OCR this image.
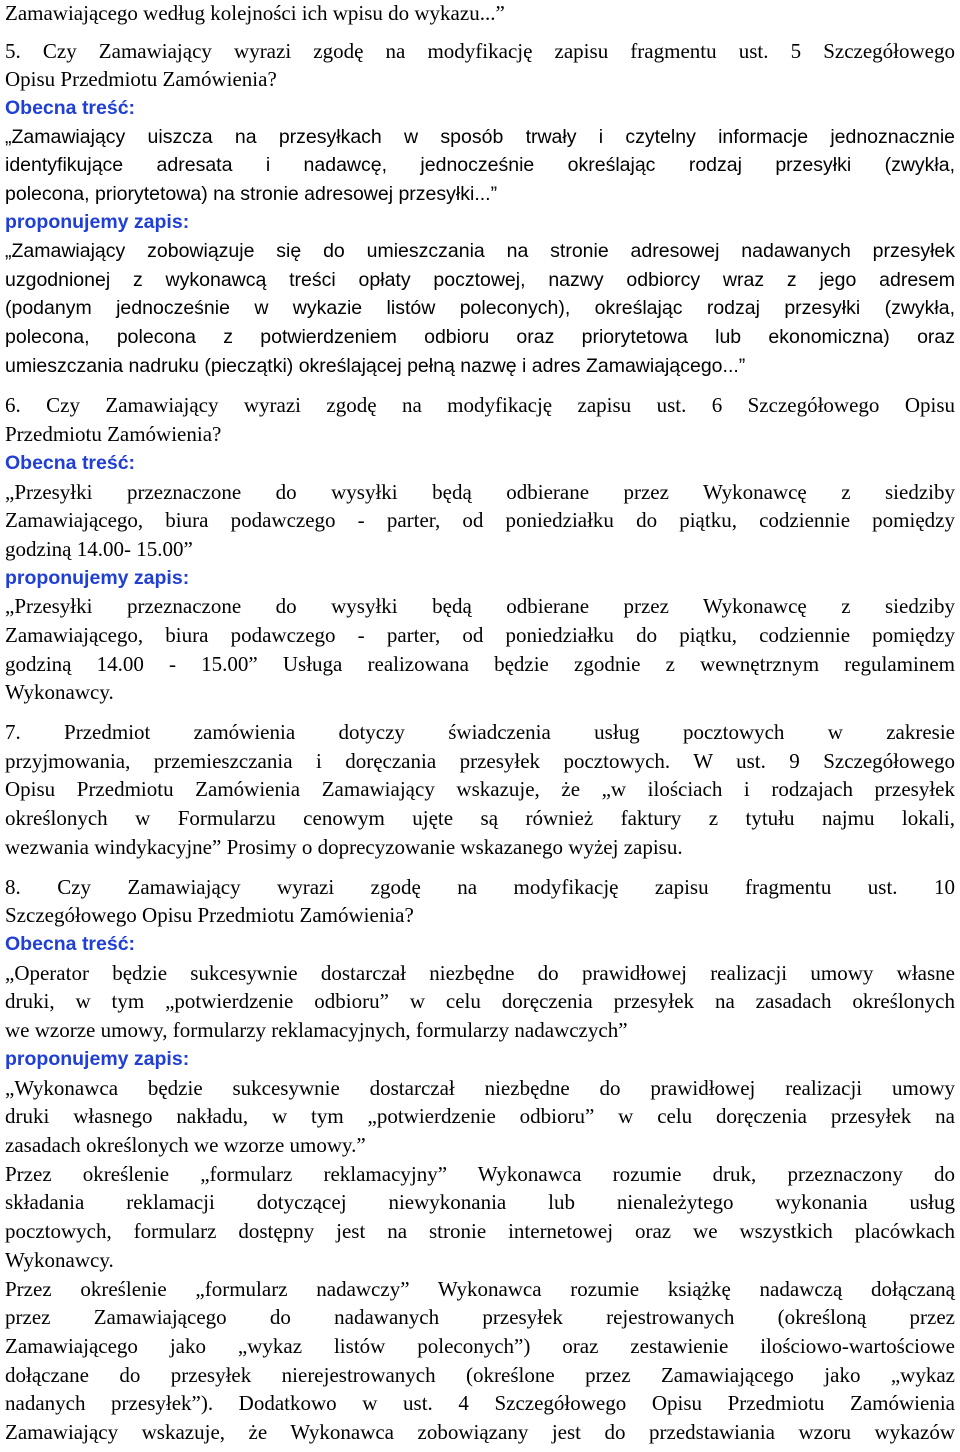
Zamawiającego według kolejności ich wpisu do wykazu...”

5. Czy Zamawiający wyrazi zgodę na modyfikację zapisu fragmentu ust. 5 Szczegółowego

Opisu Przedmiotu Zamówienia?

Obecna treść:

„Zamawiający uiszcza na przesyłkach w sposób trwały i czytelny informacje jednoznacznie

identyfikujące adresata i nadawcę, jednocześnie określając rodzaj przesyłki (zwykła,

polecona, priorytetowa) na stronie adresowej przesyłki...”

proponujemy zapis:

„Zamawiający zobowiązuje się do umieszczania na stronie adresowej nadawanych przesyłek

uzgodnionej z wykonawcą treści opłaty pocztowej, nazwy odbiorcy wraz z jego adresem

(podanym jednocześnie w wykazie listów poleconych), określając rodzaj przesyłki (zwykła,

polecona, polecona z potwierdzeniem odbioru oraz priorytetowa lub ekonomiczna) oraz

umieszczania nadruku (pieczątki) określającej pełną nazwę i adres Zamawiającego...”

6. Czy Zamawiający wyrazi zgodę na modyfikację zapisu ust. 6 Szczegółowego Opisu

Przedmiotu Zamówienia?

Obecna treść:

„Przesyłki przeznaczone do wysyłki będą odbierane przez Wykonawcę z siedziby

Zamawiającego, biura podawczego - parter, od poniedziałku do piątku, codziennie pomiędzy

godziną 14.00- 15.00”

proponujemy zapis:

„Przesyłki przeznaczone do wysyłki będą odbierane przez Wykonawcę z siedziby

Zamawiającego, biura podawczego - parter, od poniedziałku do piątku, codziennie pomiędzy

godziną 14.00 - 15.00” Usługa realizowana będzie zgodnie z wewnętrznym regulaminem

Wykonawcy.

7. Przedmiot zamówienia dotyczy świadczenia usług pocztowych w zakresie

przyjmowania, przemieszczania i doręczania przesyłek pocztowych. W ust. 9 Szczegółowego

Opisu Przedmiotu Zamówienia Zamawiający wskazuje, że „w ilościach i rodzajach przesyłek

określonych w Formularzu cenowym ujęte są również faktury z tytułu najmu lokali,

wezwania windykacyjne” Prosimy o doprecyzowanie wskazanego wyżej zapisu.

8. Czy Zamawiający wyrazi zgodę na modyfikację zapisu fragmentu ust. 10

Szczegółowego Opisu Przedmiotu Zamówienia?

Obecna treść:

„Operator będzie sukcesywnie dostarczał niezbędne do prawidłowej realizacji umowy własne

druki, w tym „potwierdzenie odbioru” w celu doręczenia przesyłek na zasadach określonych

we wzorze umowy, formularzy reklamacyjnych, formularzy nadawczych”

proponujemy zapis:

„Wykonawca będzie sukcesywnie dostarczał niezbędne do prawidłowej realizacji umowy

druki własnego nakładu, w tym „potwierdzenie odbioru” w celu doręczenia przesyłek na

zasadach określonych we wzorze umowy.”

Przez określenie „formularz reklamacyjny” Wykonawca rozumie druk, przeznaczony do

składania reklamacji dotyczącej niewykonania lub nienależytego wykonania usług

pocztowych, formularz dostępny jest na stronie internetowej oraz we wszystkich placówkach

Wykonawcy.

Przez określenie „formularz nadawczy” Wykonawca rozumie książkę nadawczą dołączaną

przez Zamawiającego do nadawanych przesyłek rejestrowanych (określoną przez

Zamawiającego jako „wykaz listów poleconych”) oraz zestawienie ilościowo-wartościowe

dołączane do przesyłek nierejestrowanych (określone przez Zamawiającego jako „wykaz

nadanych przesyłek”). Dodatkowo w ust. 4 Szczegółowego Opisu Przedmiotu Zamówienia

Zamawiający wskazuje, że Wykonawca zobowiązany jest do przedstawiania wzoru wykazów
